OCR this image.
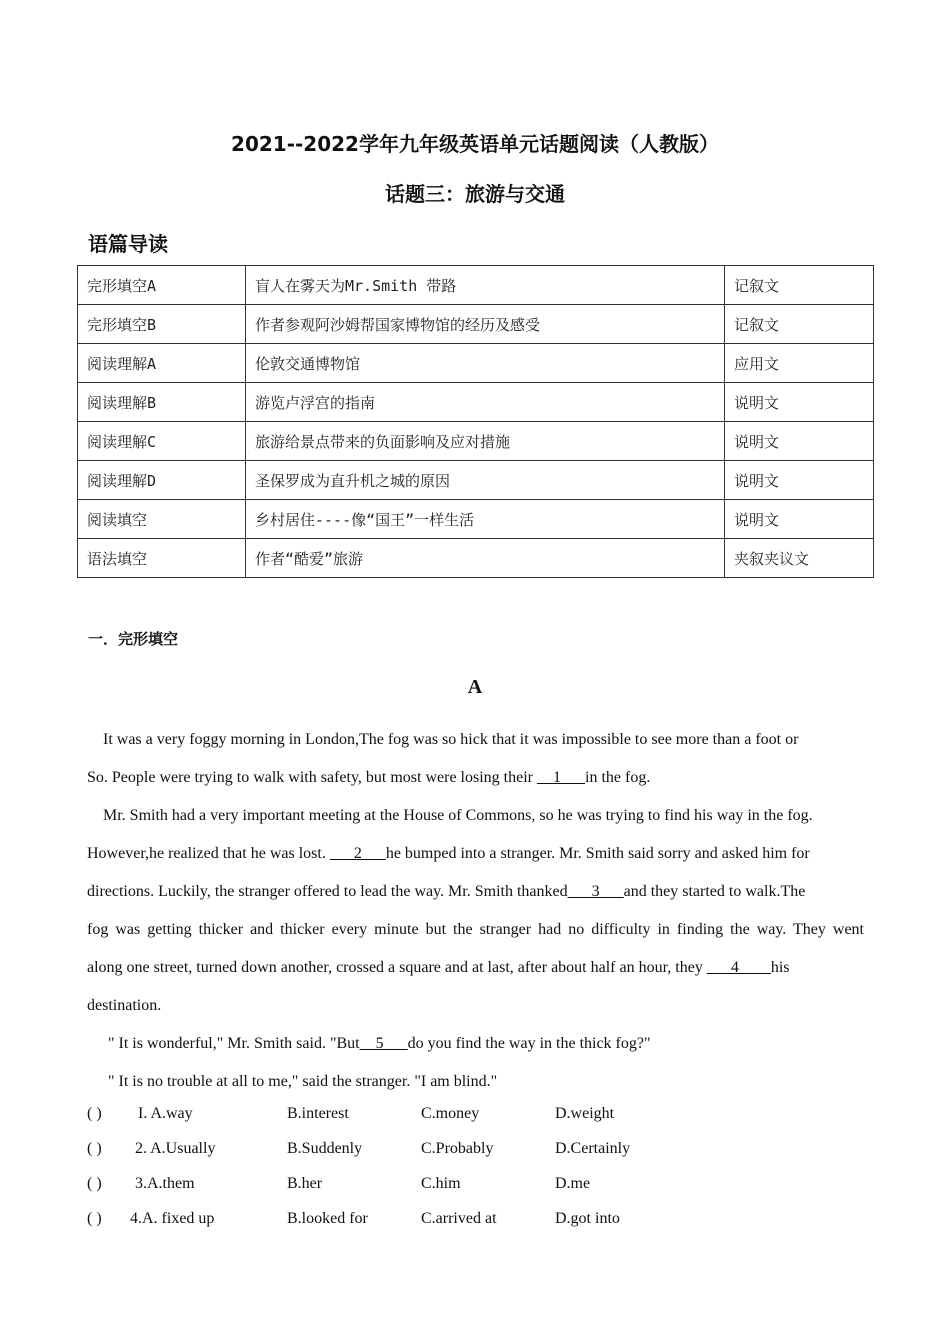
2021--2022学年九年级英语单元话题阅读（人教版）
话题三：旅游与交通
语篇导读
完形填空A	盲人在雾天为Mr.Smith 带路	记叙文
完形填空B	作者参观阿沙姆帮国家博物馆的经历及感受	记叙文
阅读理解A	伦敦交通博物馆	应用文
阅读理解B	游览卢浮宫的指南	说明文
阅读理解C	旅游给景点带来的负面影响及应对措施	说明文
阅读理解D	圣保罗成为直升机之城的原因	说明文
阅读填空	乡村居住----像“国王”一样生活	说明文
语法填空	作者“酷爱”旅游	夹叙夹议文
一．完形填空
A
It was a very foggy morning in London,The fog was so hick that it was impossible to see more than a foot or
So. People were trying to walk with safety, but most were losing their __1___in the fog.
Mr. Smith had a very important meeting at the House of Commons, so he was trying to find his way in the fog.
However,he realized that he was lost. ___2___he bumped into a stranger. Mr. Smith said sorry and asked him for
directions. Luckily, the stranger offered to lead the way. Mr. Smith thanked___3___and they started to walk.The
fog was getting thicker and thicker every minute but the stranger had no difficulty in finding the way. They went
along one street, turned down another, crossed a square and at last, after about half an hour, they ___4____his
destination.
" It is wonderful," Mr. Smith said. "But__5___do you find the way in the thick fog?"
" It is no trouble at all to me," said the stranger. "I am blind."
( ) I. A.way	B.interest	C.money	D.weight
( ) 2. A.Usually	B.Suddenly	C.Probably	D.Certainly
( ) 3.A.them	B.her	C.him	D.me
( ) 4.A. fixed up	B.looked for	C.arrived at	D.got into
